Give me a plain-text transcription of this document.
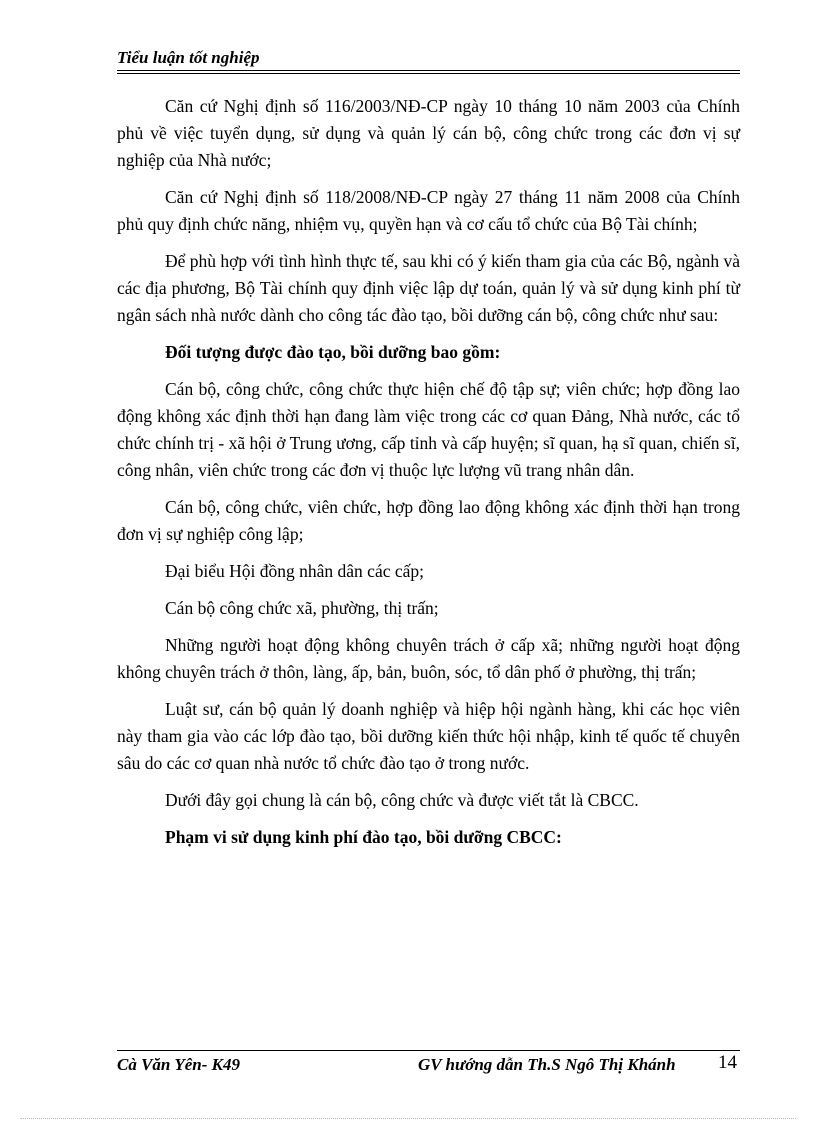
Tiểu luận tốt nghiệp

Căn cứ Nghị định số 116/2003/NĐ-CP ngày 10 tháng 10 năm 2003 của Chính phủ về việc tuyển dụng, sử dụng và quản lý cán bộ, công chức trong các đơn vị sự nghiệp của Nhà nước;

Căn cứ Nghị định số 118/2008/NĐ-CP ngày 27 tháng 11 năm 2008 của Chính phủ quy định chức năng, nhiệm vụ, quyền hạn và cơ cấu tổ chức của Bộ Tài chính;

Để phù hợp với tình hình thực tế, sau khi có ý kiến tham gia của các Bộ, ngành và các địa phương, Bộ Tài chính quy định việc lập dự toán, quản lý và sử dụng kinh phí từ ngân sách nhà nước dành cho công tác đào tạo, bồi dưỡng cán bộ, công chức như sau:

Đối tượng được đào tạo, bồi dưỡng bao gồm:

Cán bộ, công chức, công chức thực hiện chế độ tập sự; viên chức; hợp đồng lao động không xác định thời hạn đang làm việc trong các cơ quan Đảng, Nhà nước, các tổ chức chính trị - xã hội ở Trung ương, cấp tỉnh và cấp huyện; sĩ quan, hạ sĩ quan, chiến sĩ, công nhân, viên chức trong các đơn vị thuộc lực lượng vũ trang nhân dân.

Cán bộ, công chức, viên chức, hợp đồng lao động không xác định thời hạn trong đơn vị sự nghiệp công lập;

Đại biểu Hội đồng nhân dân các cấp;

Cán bộ công chức xã, phường, thị trấn;

Những người hoạt động không chuyên trách ở cấp xã; những người hoạt động không chuyên trách ở thôn, làng, ấp, bản, buôn, sóc, tổ dân phố ở phường, thị trấn;

Luật sư, cán bộ quản lý doanh nghiệp và hiệp hội ngành hàng, khi các học viên này tham gia vào các lớp đào tạo, bồi dưỡng kiến thức hội nhập, kinh tế quốc tế chuyên sâu do các cơ quan nhà nước tổ chức đào tạo ở trong nước.

Dưới đây gọi chung là cán bộ, công chức và được viết tắt là CBCC.

Phạm vi sử dụng kinh phí đào tạo, bồi dưỡng CBCC:

Cà Văn Yên- K49	GV hướng dẫn Th.S Ngô Thị Khánh 14
